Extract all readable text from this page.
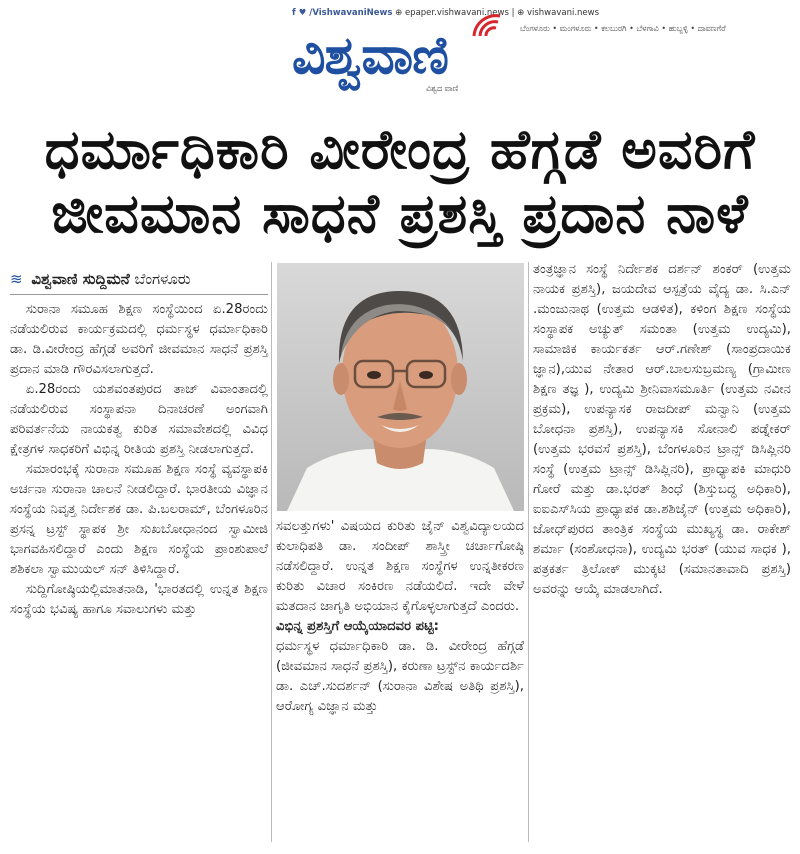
f ♥ /VishwavaniNews ⊕ epaper.vishwavani.news | ⊕ vishwavani.news
ಬೆಂಗಳೂರು • ಮಂಗಳೂರು • ಕಲಬುರಗಿ • ಬೆಳಗಾವಿ • ಹುಬ್ಬಳ್ಳಿ • ದಾವಣಗೆರೆ
ವಿಶ್ವವಾಣಿ
ವಿಶ್ವದ ವಾಣಿ
ಧರ್ಮಾಧಿಕಾರಿ ವೀರೇಂದ್ರ ಹೆಗ್ಗಡೆ ಅವರಿಗೆ
ಜೀವಮಾನ ಸಾಧನೆ ಪ್ರಶಸ್ತಿ ಪ್ರದಾನ ನಾಳೆ
≋ ವಿಶ್ವವಾಣಿ ಸುದ್ದಿಮನೆ ಬೆಂಗಳೂರು

ಸುರಾನಾ ಸಮೂಹ ಶಿಕ್ಷಣ ಸಂಸ್ಥೆಯಿಂದ ಏ.28ರಂದು ನಡೆಯಲಿರುವ ಕಾರ್ಯಕ್ರಮದಲ್ಲಿ ಧರ್ಮಸ್ಥಳ ಧರ್ಮಾಧಿಕಾರಿ ಡಾ. ಡಿ.ವೀರೇಂದ್ರ ಹೆಗ್ಗಡೆ ಅವರಿಗೆ ಜೀವಮಾನ ಸಾಧನೆ ಪ್ರಶಸ್ತಿ ಪ್ರದಾನ ಮಾಡಿ ಗೌರವಿಸಲಾಗುತ್ತದೆ.

ಏ.28ರಂದು ಯಶವಂತಪುರದ ತಾಜ್ ವಿವಾಂತಾದಲ್ಲಿ ನಡೆಯಲಿರುವ ಸಂಸ್ಥಾಪನಾ ದಿನಾಚರಣೆ ಅಂಗವಾಗಿ ಪರಿವರ್ತನೆಯ ನಾಯಕತ್ವ ಕುರಿತ ಸಮಾವೇಶದಲ್ಲಿ ವಿವಿಧ ಕ್ಷೇತ್ರಗಳ ಸಾಧಕರಿಗೆ ವಿಭಿನ್ನ ರೀತಿಯ ಪ್ರಶಸ್ತಿ ನೀಡಲಾಗುತ್ತದೆ.

ಸಮಾರಂಭಕ್ಕೆ ಸುರಾನಾ ಸಮೂಹ ಶಿಕ್ಷಣ ಸಂಸ್ಥೆ ವ್ಯವಸ್ಥಾಪಕಿ ಅರ್ಚನಾ ಸುರಾನಾ ಚಾಲನೆ ನೀಡಲಿದ್ದಾರೆ. ಭಾರತೀಯ ವಿಜ್ಞಾನ ಸಂಸ್ಥೆಯ ನಿವೃತ್ತ ನಿರ್ದೇಶಕ ಡಾ. ಪಿ.ಬಲರಾಮ್, ಬೆಂಗಳೂರಿನ ಪ್ರಸನ್ನ ಟ್ರಸ್ಟ್ ಸ್ಥಾಪಕ ಶ್ರೀ ಸುಖಬೋಧಾನಂದ ಸ್ವಾಮೀಜಿ ಭಾಗವಹಿಸಲಿದ್ದಾರೆ ಎಂದು ಶಿಕ್ಷಣ ಸಂಸ್ಥೆಯ ಪ್ರಾಂಶುಪಾಲೆ ಶಶಿಕಲಾ ಸ್ವಾಮುಯಲ್ ಸನ್ ತಿಳಿಸಿದ್ದಾರೆ.

ಸುದ್ದಿಗೋಷ್ಠಿಯಲ್ಲಿಮಾತನಾಡಿ, 'ಭಾರತದಲ್ಲಿ ಉನ್ನತ ಶಿಕ್ಷಣ ಸಂಸ್ಥೆಯ ಭವಿಷ್ಯ ಹಾಗೂ ಸವಾಲುಗಳು ಮತ್ತು

ಸವಲತ್ತುಗಳು' ವಿಷಯದ ಕುರಿತು ಜೈನ್ ವಿಶ್ವವಿದ್ಯಾಲಯದ ಕುಲಾಧಿಪತಿ ಡಾ. ಸಂದೀಪ್ ಶಾಸ್ತ್ರೀ ಚರ್ಚಾಗೋಷ್ಠಿ ನಡೆಸಲಿದ್ದಾರೆ. ಉನ್ನತ ಶಿಕ್ಷಣ ಸಂಸ್ಥೆಗಳ ಉನ್ನತೀಕರಣ ಕುರಿತು ವಿಚಾರ ಸಂಕಿರಣ ನಡೆಯಲಿದೆ. ಇದೇ ವೇಳೆ ಮತದಾನ ಜಾಗೃತಿ ಅಭಿಯಾನ ಕೈಗೊಳ್ಳಲಾಗುತ್ತದೆ ಎಂದರು.

ವಿಭಿನ್ನ ಪ್ರಶಸ್ತಿಗೆ ಆಯ್ಕೆಯಾದವರ ಪಟ್ಟಿ:

ಧರ್ಮಸ್ಥಳ ಧರ್ಮಾಧಿಕಾರಿ ಡಾ. ಡಿ. ವೀರೇಂದ್ರ ಹೆಗ್ಗಡೆ (ಜೀವಮಾನ ಸಾಧನೆ ಪ್ರಶಸ್ತಿ), ಕರುಣಾ ಟ್ರಸ್ಟ್‌ನ ಕಾರ್ಯದರ್ಶಿ ಡಾ. ಎಚ್.ಸುದರ್ಶನ್ (ಸುರಾನಾ ವಿಶೇಷ ಅತಿಥಿ ಪ್ರಶಸ್ತಿ), ಆರೋಗ್ಯ ವಿಜ್ಞಾನ ಮತ್ತು

ತಂತ್ರಜ್ಞಾನ ಸಂಸ್ಥೆ ನಿರ್ದೇಶಕ ದರ್ಶನ್ ಶಂಕರ್ (ಉತ್ತಮ ನಾಯಕ ಪ್ರಶಸ್ತಿ), ಜಯದೇವ ಆಸ್ಪತ್ರೆಯ ವೈದ್ಯ ಡಾ. ಸಿ.ಎನ್ .ಮಂಜುನಾಥ (ಉತ್ತಮ ಆಡಳಿತ), ಕಳಿಂಗ ಶಿಕ್ಷಣ ಸಂಸ್ಥೆಯ ಸಂಸ್ಥಾಪಕ ಅಚ್ಯುತ್ ಸಮಂತಾ (ಉತ್ತಮ ಉದ್ಯಮಿ), ಸಾಮಾಜಿಕ ಕಾರ್ಯಕರ್ತ ಆರ್.ಗಣೇಶ್ (ಸಾಂಪ್ರದಾಯಿಕ ಜ್ಞಾನ),ಯುವ ನೇತಾರ ಆರ್.ಬಾಲಸುಬ್ರಮಣ್ಯ (ಗ್ರಾಮೀಣ ಶಿಕ್ಷಣ ತಜ್ಞ ), ಉದ್ಯಮಿ ಶ್ರೀನಿವಾಸಮೂರ್ತಿ (ಉತ್ತಮ ನವೀನ ಪ್ರಕ್ರಮ), ಉಪನ್ಯಾಸಕ ರಾಜದೀಪ್ ಮನ್ವಾನಿ (ಉತ್ತಮ ಬೋಧನಾ ಪ್ರಶಸ್ತಿ), ಉಪನ್ಯಾಸಕಿ ಸೋನಾಲಿ ಪಡ್ನೇಕರ್ (ಉತ್ತಮ ಭರವಸೆ ಪ್ರಶಸ್ತಿ), ಬೆಂಗಳೂರಿನ ಟ್ರಾನ್ಸ್ ಡಿಸಿಪ್ಲಿನರಿ ಸಂಸ್ಥೆ (ಉತ್ತಮ ಟ್ರಾನ್ಸ್ ಡಿಸಿಪ್ಲಿನರಿ), ಪ್ರಾಧ್ಯಾಪಕಿ ಮಾಧುರಿ ಗೋರೆ ಮತ್ತು ಡಾ.ಭರತ್ ಶಿಂಧೆ (ಶಿಸ್ತುಬದ್ಧ ಅಧಿಕಾರಿ), ಐಐಎಸ್‌ಸಿಯ ಪ್ರಾಧ್ಯಾಪಕ ಡಾ.ಶಶಿಜೈನ್ (ಉತ್ತಮ ಅಧಿಕಾರಿ), ಜೋಧ್‌ಪುರದ ತಾಂತ್ರಿಕ ಸಂಸ್ಥೆಯ ಮುಖ್ಯಸ್ಥ ಡಾ. ರಾಕೇಶ್ ಶರ್ಮಾ (ಸಂಶೋಧನಾ), ಉದ್ಯಮಿ ಭರತ್ (ಯುವ ಸಾಧಕ ), ಪತ್ರಕರ್ತ ತ್ರಿಲೋಕ್ ಮುಕ್ಕಟಿ (ಸಮಾನತಾವಾದಿ ಪ್ರಶಸ್ತಿ) ಅವರನ್ನು ಆಯ್ಕೆ ಮಾಡಲಾಗಿದೆ.
